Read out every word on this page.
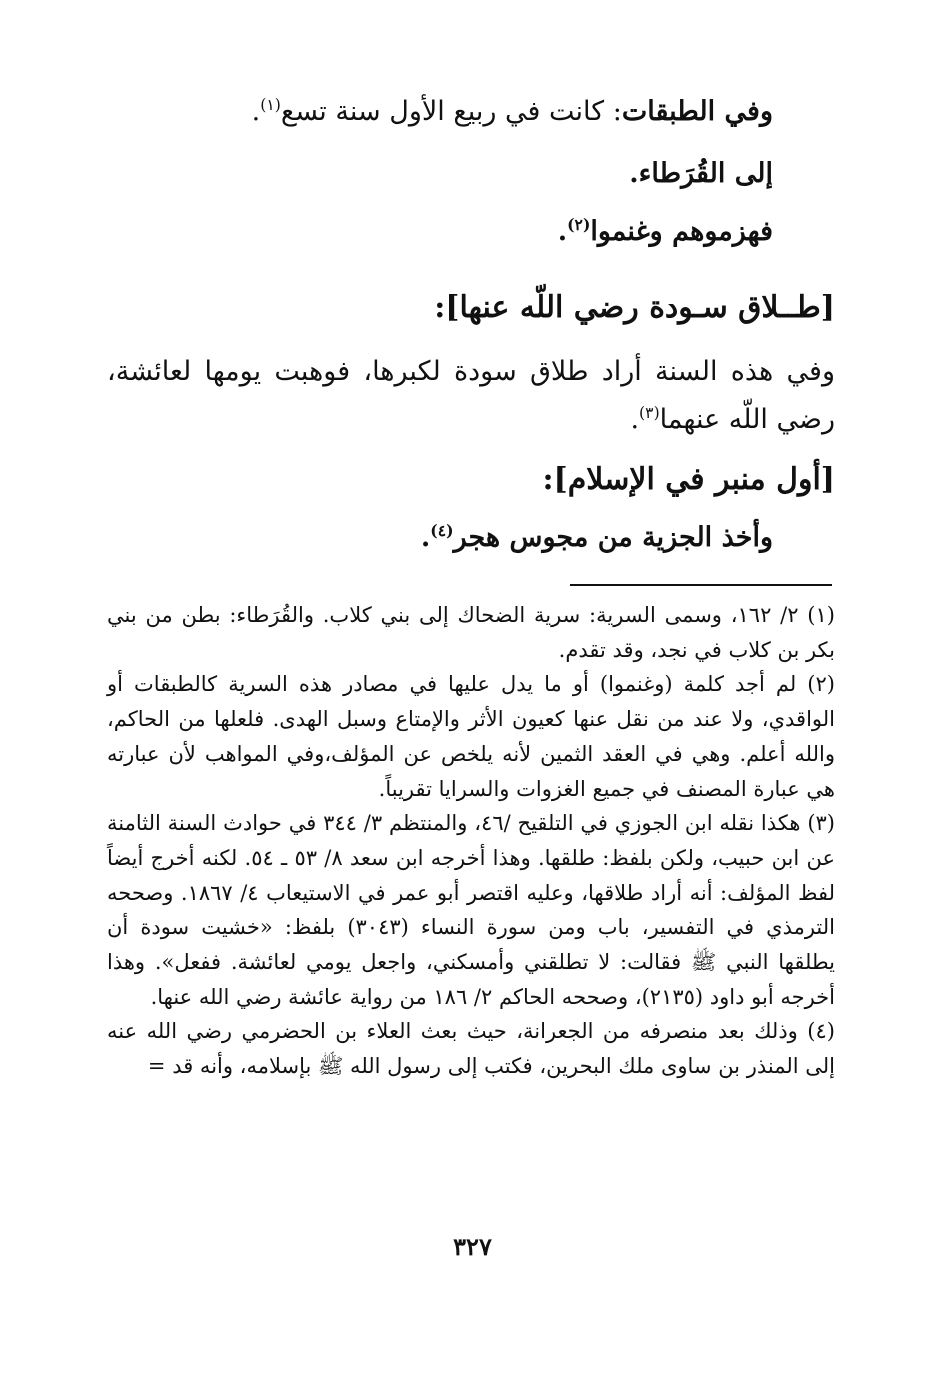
وفي الطبقات: كانت في ربيع الأول سنة تسع$^{(١)}$.
إلى القُرَطاء.
فهزموهم وغنموا$^{(٢)}$.
[طــلاق سـودة رضي اللّه عنها]:
وفي هذه السنة أراد طلاق سودة لكبرها، فوهبت يومها لعائشة، رضي اللّه عنهما$^{(٣)}$.
[أول منبر في الإسلام]:
وأخذ الجزية من مجوس هجر$^{(٤)}$.

(١) ٢/ ١٦٢، وسمى السرية: سرية الضحاك إلى بني كلاب. والقُرَطاء: بطن من بني بكر بن كلاب في نجد، وقد تقدم.

(٢) لم أجد كلمة (وغنموا) أو ما يدل عليها في مصادر هذه السرية كالطبقات أو الواقدي، ولا عند من نقل عنها كعيون الأثر والإمتاع وسبل الهدى. فلعلها من الحاكم، والله أعلم. وهي في العقد الثمين لأنه يلخص عن المؤلف،وفي المواهب لأن عبارته هي عبارة المصنف في جميع الغزوات والسرايا تقريباً.

(٣) هكذا نقله ابن الجوزي في التلقيح /٤٦، والمنتظم ٣/ ٣٤٤ في حوادث السنة الثامنة عن ابن حبيب، ولكن بلفظ: طلقها. وهذا أخرجه ابن سعد ٨/ ٥٣ ـ ٥٤. لكنه أخرج أيضاً لفظ المؤلف: أنه أراد طلاقها، وعليه اقتصر أبو عمر في الاستيعاب ٤/ ١٨٦٧. وصححه الترمذي في التفسير، باب ومن سورة النساء (٣٠٤٣) بلفظ: «خشيت سودة أن يطلقها النبي ﷺ فقالت: لا تطلقني وأمسكني، واجعل يومي لعائشة. ففعل». وهذا أخرجه أبو داود (٢١٣٥)، وصححه الحاكم ٢/ ١٨٦ من رواية عائشة رضي الله عنها.

(٤) وذلك بعد منصرفه من الجعرانة، حيث بعث العلاء بن الحضرمي رضي الله عنه إلى المنذر بن ساوى ملك البحرين، فكتب إلى رسول الله ﷺ بإسلامه، وأنه قد =

٣٢٧
